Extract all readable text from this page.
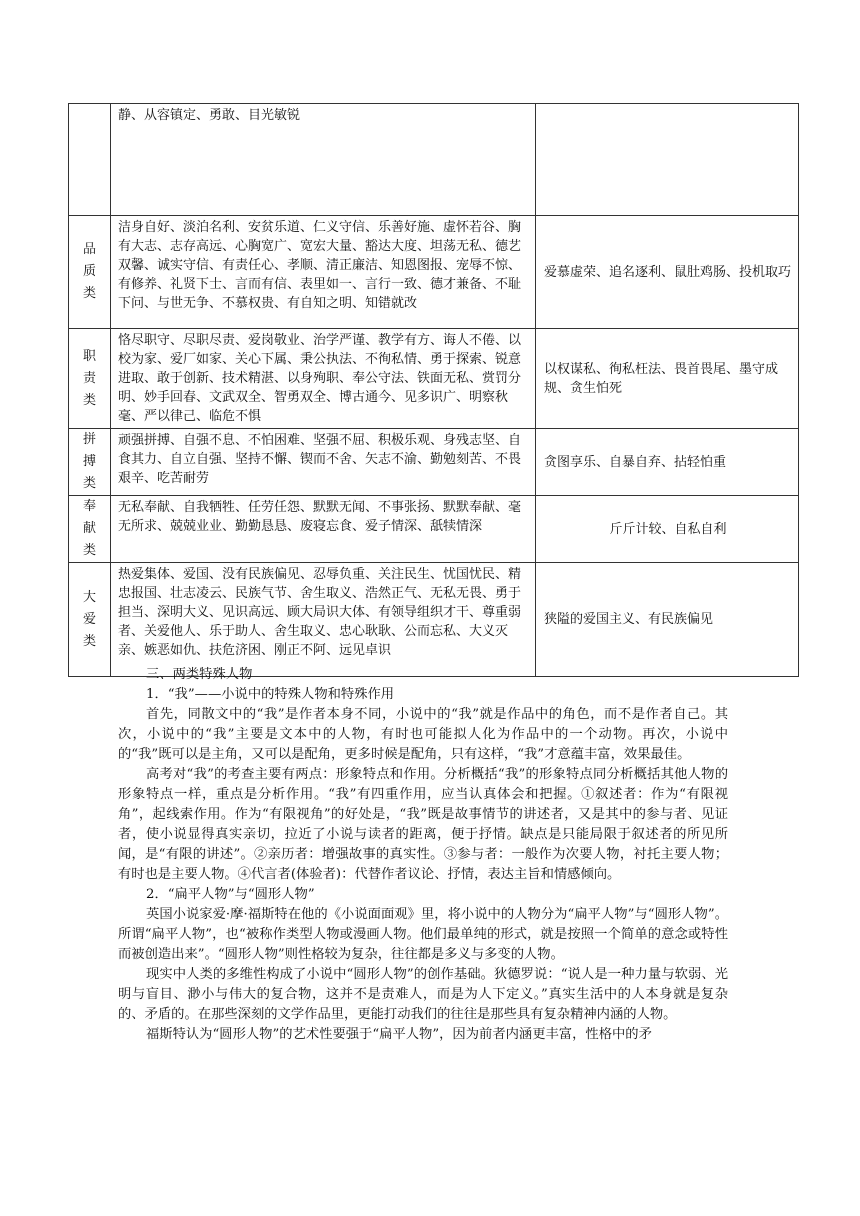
	静、从容镇定、勇敢、目光敏锐	

品质类	洁身自好、淡泊名利、安贫乐道、仁义守信、乐善好施、虚怀若谷、胸有大志、志存高远、心胸宽广、宽宏大量、豁达大度、坦荡无私、德艺双馨、诚实守信、有责任心、孝顺、清正廉洁、知恩图报、宠辱不惊、有修养、礼贤下士、言而有信、表里如一、言行一致、德才兼备、不耻下问、与世无争、不慕权贵、有自知之明、知错就改	爱慕虚荣、追名逐利、鼠肚鸡肠、投机取巧

职责类	恪尽职守、尽职尽责、爱岗敬业、治学严谨、教学有方、诲人不倦、以校为家、爱厂如家、关心下属、秉公执法、不徇私情、勇于探索、锐意进取、敢于创新、技术精湛、以身殉职、奉公守法、铁面无私、赏罚分明、妙手回春、文武双全、智勇双全、博古通今、见多识广、明察秋毫、严以律己、临危不惧	以权谋私、徇私枉法、畏首畏尾、墨守成规、贪生怕死

拼搏类	顽强拼搏、自强不息、不怕困难、坚强不屈、积极乐观、身残志坚、自食其力、自立自强、坚持不懈、锲而不舍、矢志不渝、勤勉刻苦、不畏艰辛、吃苦耐劳	贪图享乐、自暴自弃、拈轻怕重

奉献类	无私奉献、自我牺牲、任劳任怨、默默无闻、不事张扬、默默奉献、毫无所求、兢兢业业、勤勤恳恳、废寝忘食、爱子情深、舐犊情深	斤斤计较、自私自利

大爱类	热爱集体、爱国、没有民族偏见、忍辱负重、关注民生、忧国忧民、精忠报国、壮志凌云、民族气节、舍生取义、浩然正气、无私无畏、勇于担当、深明大义、见识高远、顾大局识大体、有领导组织才干、尊重弱者、关爱他人、乐于助人、舍生取义、忠心耿耿、公而忘私、大义灭亲、嫉恶如仇、扶危济困、刚正不阿、远见卓识	狭隘的爱国主义、有民族偏见

三、两类特殊人物

1．“我”——小说中的特殊人物和特殊作用

首先，同散文中的“我”是作者本身不同，小说中的“我”就是作品中的角色，而不是作者自己。其次，小说中的“我”主要是文本中的人物，有时也可能拟人化为作品中的一个动物。再次，小说中的“我”既可以是主角，又可以是配角，更多时候是配角，只有这样，“我”才意蕴丰富，效果最佳。

高考对“我”的考查主要有两点：形象特点和作用。分析概括“我”的形象特点同分析概括其他人物的形象特点一样，重点是分析作用。“我”有四重作用，应当认真体会和把握。①叙述者：作为“有限视角”，起线索作用。作为“有限视角”的好处是，“我”既是故事情节的讲述者，又是其中的参与者、见证者，使小说显得真实亲切，拉近了小说与读者的距离，便于抒情。缺点是只能局限于叙述者的所见所闻，是“有限的讲述”。②亲历者：增强故事的真实性。③参与者：一般作为次要人物，衬托主要人物；有时也是主要人物。④代言者(体验者)：代替作者议论、抒情，表达主旨和情感倾向。

2．“扁平人物”与“圆形人物”

英国小说家爱·摩·福斯特在他的《小说面面观》里，将小说中的人物分为“扁平人物”与“圆形人物”。所谓“扁平人物”，也“被称作类型人物或漫画人物。他们最单纯的形式，就是按照一个简单的意念或特性而被创造出来”。“圆形人物”则性格较为复杂，往往都是多义与多变的人物。

现实中人类的多维性构成了小说中“圆形人物”的创作基础。狄德罗说：“说人是一种力量与软弱、光明与盲目、渺小与伟大的复合物，这并不是责难人，而是为人下定义。”真实生活中的人本身就是复杂的、矛盾的。在那些深刻的文学作品里，更能打动我们的往往是那些具有复杂精神内涵的人物。

福斯特认为“圆形人物”的艺术性要强于“扁平人物”，因为前者内涵更丰富，性格中的矛
